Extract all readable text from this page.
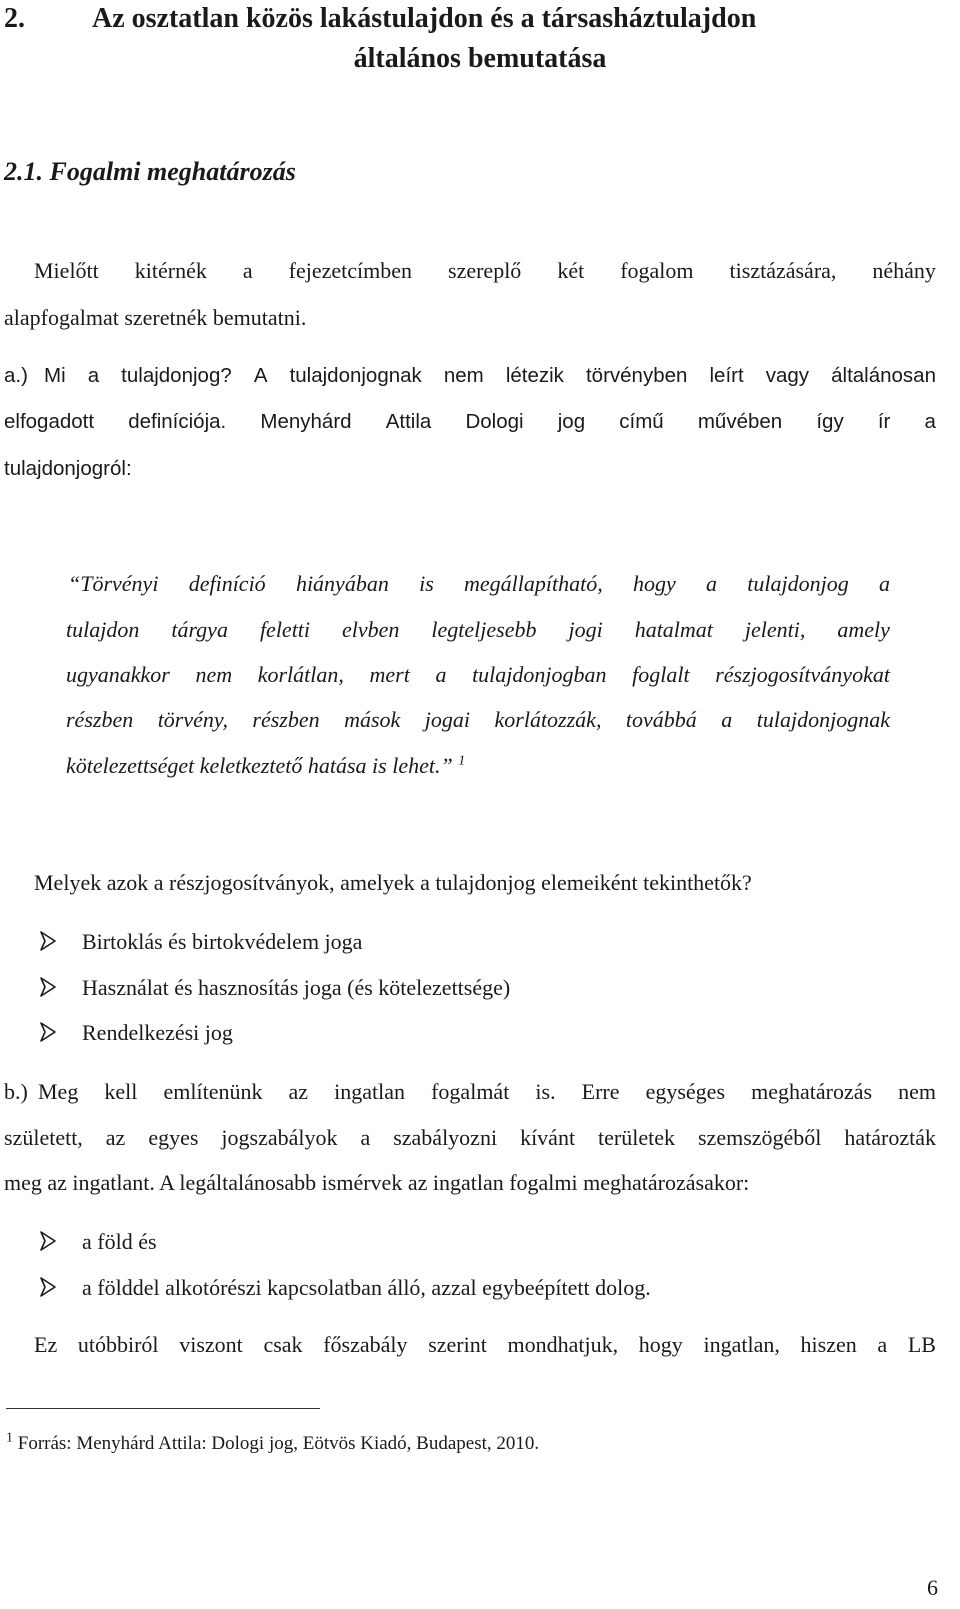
2. Az osztatlan közös lakástulajdon és a társasháztulajdon
általános bemutatása
2.1. Fogalmi meghatározás
Mielőtt kitérnék a fejezetcímben szereplő két fogalom tisztázására, néhány
alapfogalmat szeretnék bemutatni.
a.) Mi a tulajdonjog? A tulajdonjognak nem létezik törvényben leírt vagy általánosan
elfogadott definíciója. Menyhárd Attila Dologi jog című művében így ír a
tulajdonjogról:
“Törvényi definíció hiányában is megállapítható, hogy a tulajdonjog a
tulajdon tárgya feletti elvben legteljesebb jogi hatalmat jelenti, amely
ugyanakkor nem korlátlan, mert a tulajdonjogban foglalt részjogosítványokat
részben törvény, részben mások jogai korlátozzák, továbbá a tulajdonjognak
kötelezettséget keletkeztető hatása is lehet.” $^1$
Melyek azok a részjogosítványok, amelyek a tulajdonjog elemeiként tekinthetők?
Birtoklás és birtokvédelem joga
Használat és hasznosítás joga (és kötelezettsége)
Rendelkezési jog
b.) Meg kell említenünk az ingatlan fogalmát is. Erre egységes meghatározás nem
született, az egyes jogszabályok a szabályozni kívánt területek szemszögéből határozták
meg az ingatlant. A legáltalánosabb ismérvek az ingatlan fogalmi meghatározásakor:
a föld és
a földdel alkotórészi kapcsolatban álló, azzal egybeépített dolog.
Ez utóbbiról viszont csak főszabály szerint mondhatjuk, hogy ingatlan, hiszen a LB
$^1$ Forrás: Menyhárd Attila: Dologi jog, Eötvös Kiadó, Budapest, 2010.
6
